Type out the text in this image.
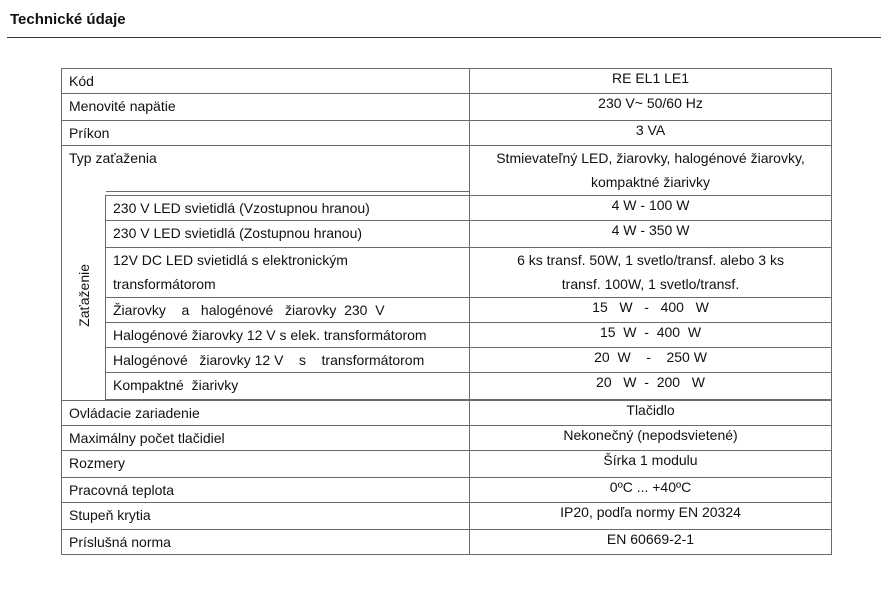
Technické údaje
Kód		RE EL1 LE1
Menovité napätie		230 V~ 50/60 Hz
Príkon		3 VA
Typ zaťaženia		Stmievateľný LED, žiarovky, halogénové žiarovky,
kompaktné žiarivky
Zaťaženie	230 V LED svietidlá (Vzostupnou hranou)	4 W - 100 W
	230 V LED svietidlá (Zostupnou hranou)	4 W - 350 W
	12V DC LED svietidlá s elektronickým
transformátorom	6 ks transf. 50W, 1 svetlo/transf. alebo 3 ks
transf. 100W, 1 svetlo/transf.
	Žiarovky    a   halogénové   žiarovky  230  V	15   W   -   400   W
	Halogénové žiarovky 12 V s elek. transformátorom	15  W  -  400  W
	Halogénové   žiarovky 12 V    s    transformátorom	20  W    -    250 W
	Kompaktné  žiarivky	20   W  -  200   W

Ovládacie zariadenie		Tlačidlo
Maximálny počet tlačidiel		Nekonečný (nepodsvietené)
Rozmery		Šírka 1 modulu
Pracovná teplota		0ºC ... +40ºC
Stupeň krytia		IP20, podľa normy EN 20324
Príslušná norma		EN 60669-2-1
